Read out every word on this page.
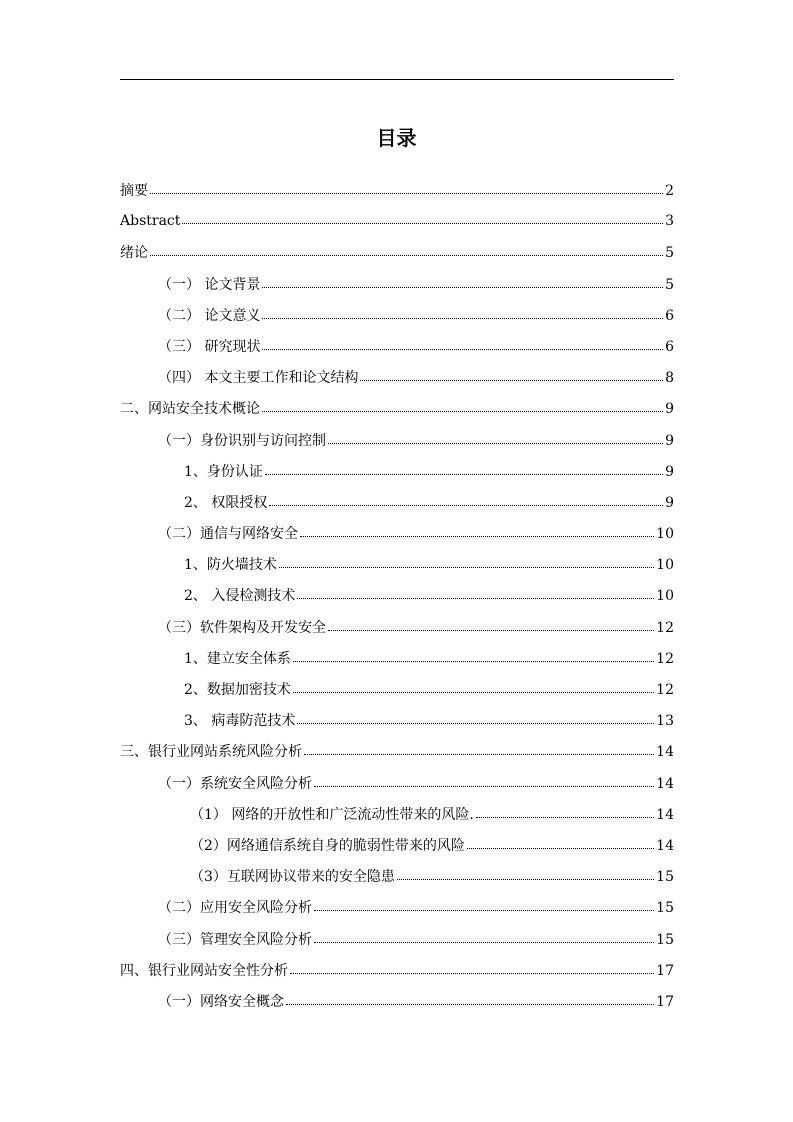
目录
摘要	2
Abstract	3
绪论	5
（一） 论文背景	5
（二） 论文意义	6
（三） 研究现状	6
（四） 本文主要工作和论文结构	8
二、网站安全技术概论	9
（一）身份识别与访问控制	9
1、身份认证	9
2、 权限授权	9
（二）通信与网络安全	10
1、防火墙技术	10
2、 入侵检测技术	10
（三）软件架构及开发安全	12
1、建立安全体系	12
2、数据加密技术	12
3、 病毒防范技术	13
三、银行业网站系统风险分析	14
（一）系统安全风险分析	14
（1） 网络的开放性和广泛流动性带来的风险.	14
（2）网络通信系统自身的脆弱性带来的风险	14
（3）互联网协议带来的安全隐患	15
（二）应用安全风险分析	15
（三）管理安全风险分析	15
四、银行业网站安全性分析	17
（一）网络安全概念	17
